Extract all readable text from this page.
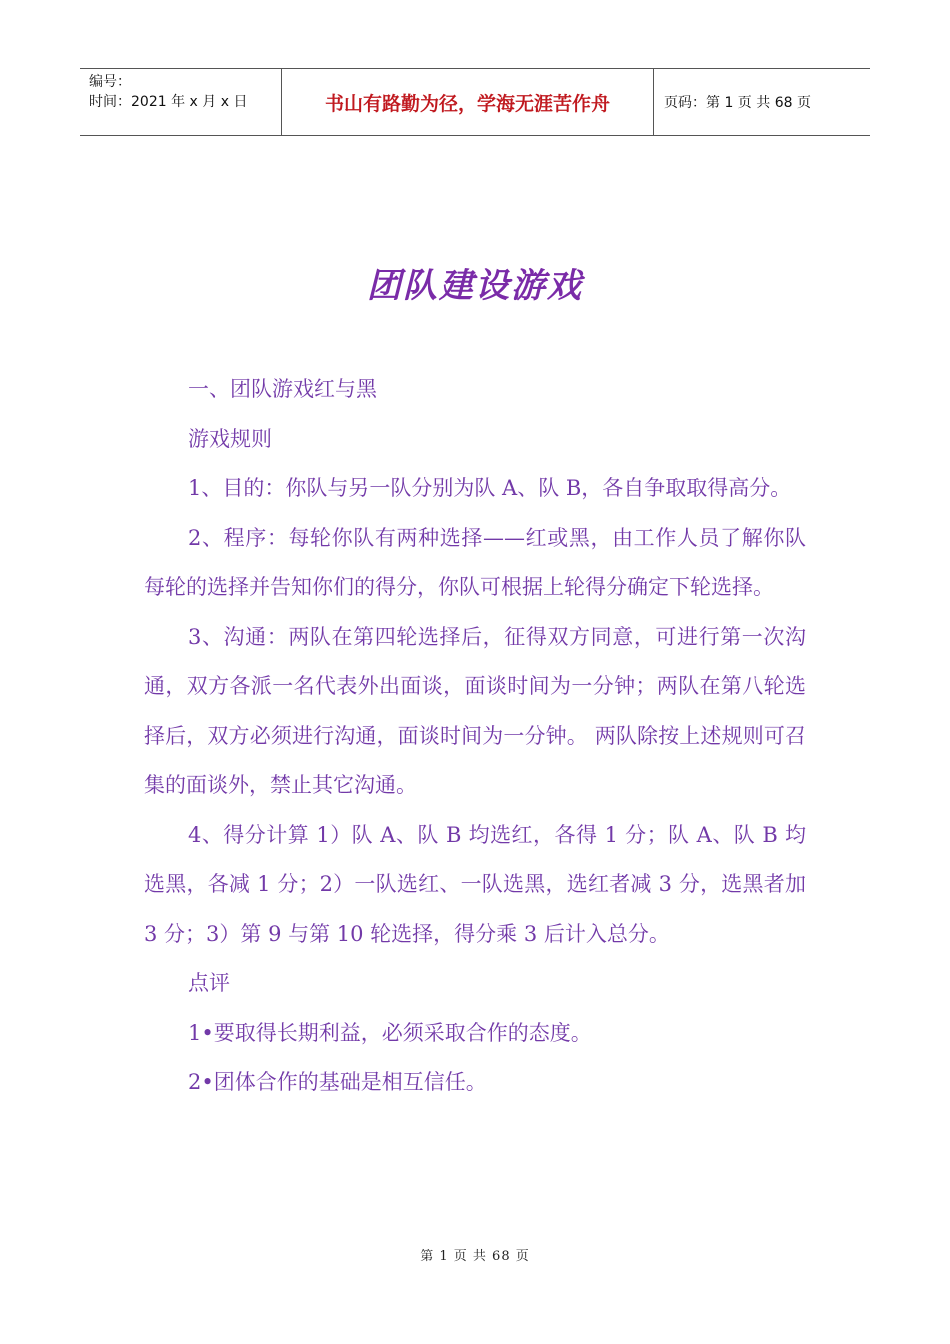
编号：
时间：2021 年 x 月 x 日	书山有路勤为径，学海无涯苦作舟	页码：第 1 页 共 68 页
团队建设游戏

一、团队游戏红与黑

游戏规则

1、目的：你队与另一队分别为队 A、队 B，各自争取取得高分。

2、程序：每轮你队有两种选择——红或黑，由工作人员了解你队每轮的选择并告知你们的得分，你队可根据上轮得分确定下轮选择。

3、沟通：两队在第四轮选择后，征得双方同意，可进行第一次沟通，双方各派一名代表外出面谈，面谈时间为一分钟；两队在第八轮选择后，双方必须进行沟通，面谈时间为一分钟。 两队除按上述规则可召集的面谈外，禁止其它沟通。

4、得分计算 1）队 A、队 B 均选红，各得 1 分；队 A、队 B 均选黑，各减 1 分；2）一队选红、一队选黑，选红者减 3 分，选黑者加 3 分；3）第 9 与第 10 轮选择，得分乘 3 后计入总分。

点评

1•要取得长期利益，必须采取合作的态度。

2•团体合作的基础是相互信任。

第 1 页 共 68 页
